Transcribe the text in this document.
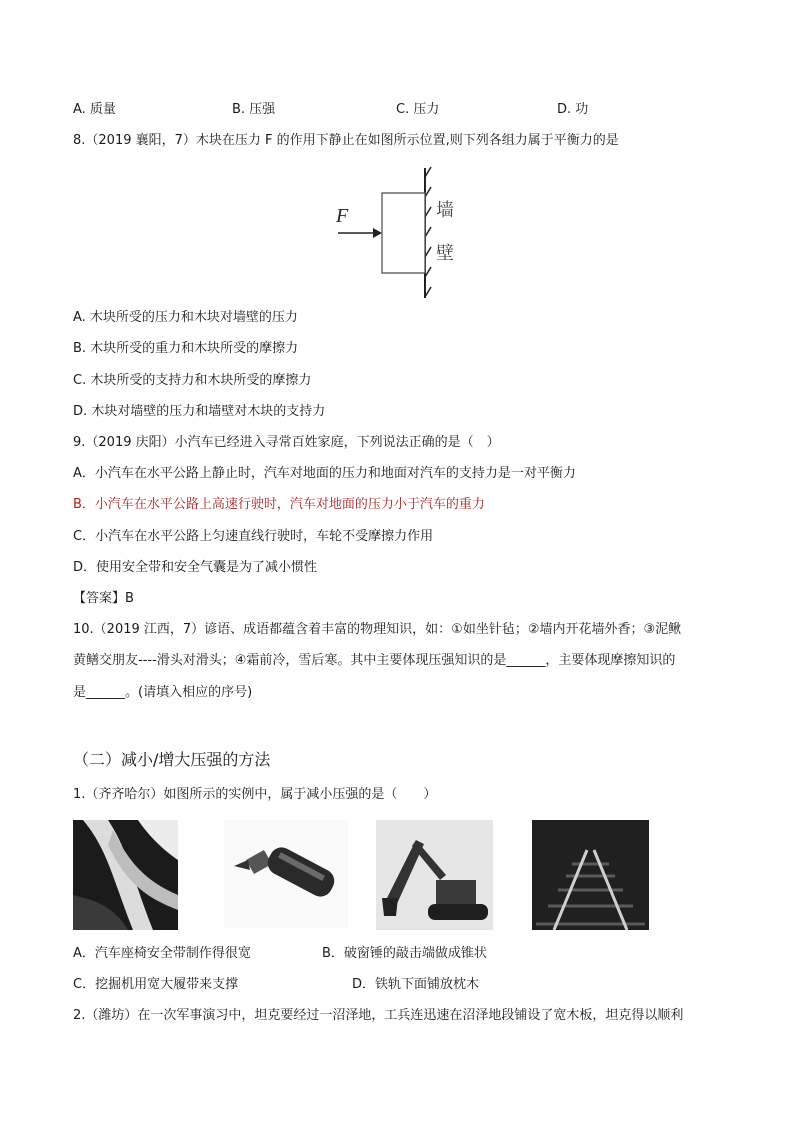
A. 质量	B. 压强	C. 压力	D. 功
8.（2019 襄阳，7）木块在压力 F 的作用下静止在如图所示位置,则下列各组力属于平衡力的是
F	墙
壁
A. 木块所受的压力和木块对墙壁的压力
B. 木块所受的重力和木块所受的摩擦力
C. 木块所受的支持力和木块所受的摩擦力
D. 木块对墙壁的压力和墙壁对木块的支持力
9.（2019 庆阳）小汽车已经进入寻常百姓家庭，下列说法正确的是（　）
A．小汽车在水平公路上静止时，汽车对地面的压力和地面对汽车的支持力是一对平衡力
B．小汽车在水平公路上高速行驶时，汽车对地面的压力小于汽车的重力
C．小汽车在水平公路上匀速直线行驶时，车轮不受摩擦力作用
D．使用安全带和安全气囊是为了减小惯性
【答案】B
10.（2019 江西，7）谚语、成语都蕴含着丰富的物理知识，如：①如坐针毡；②墙内开花墙外香；③泥鳅
黄鳝交朋友----滑头对滑头；④霜前冷，雪后寒。其中主要体现压强知识的是______，主要体现摩擦知识的
是______。(请填入相应的序号)
（二）减小/增大压强的方法
1.（齐齐哈尔）如图所示的实例中，属于减小压强的是（　　）
A．汽车座椅安全带制作得很宽	B．破窗锤的敲击端做成锥状
C．挖掘机用宽大履带来支撑	D．铁轨下面铺放枕木
2.（潍坊）在一次军事演习中，坦克要经过一沼泽地，工兵连迅速在沼泽地段铺设了宽木板，坦克得以顺利
